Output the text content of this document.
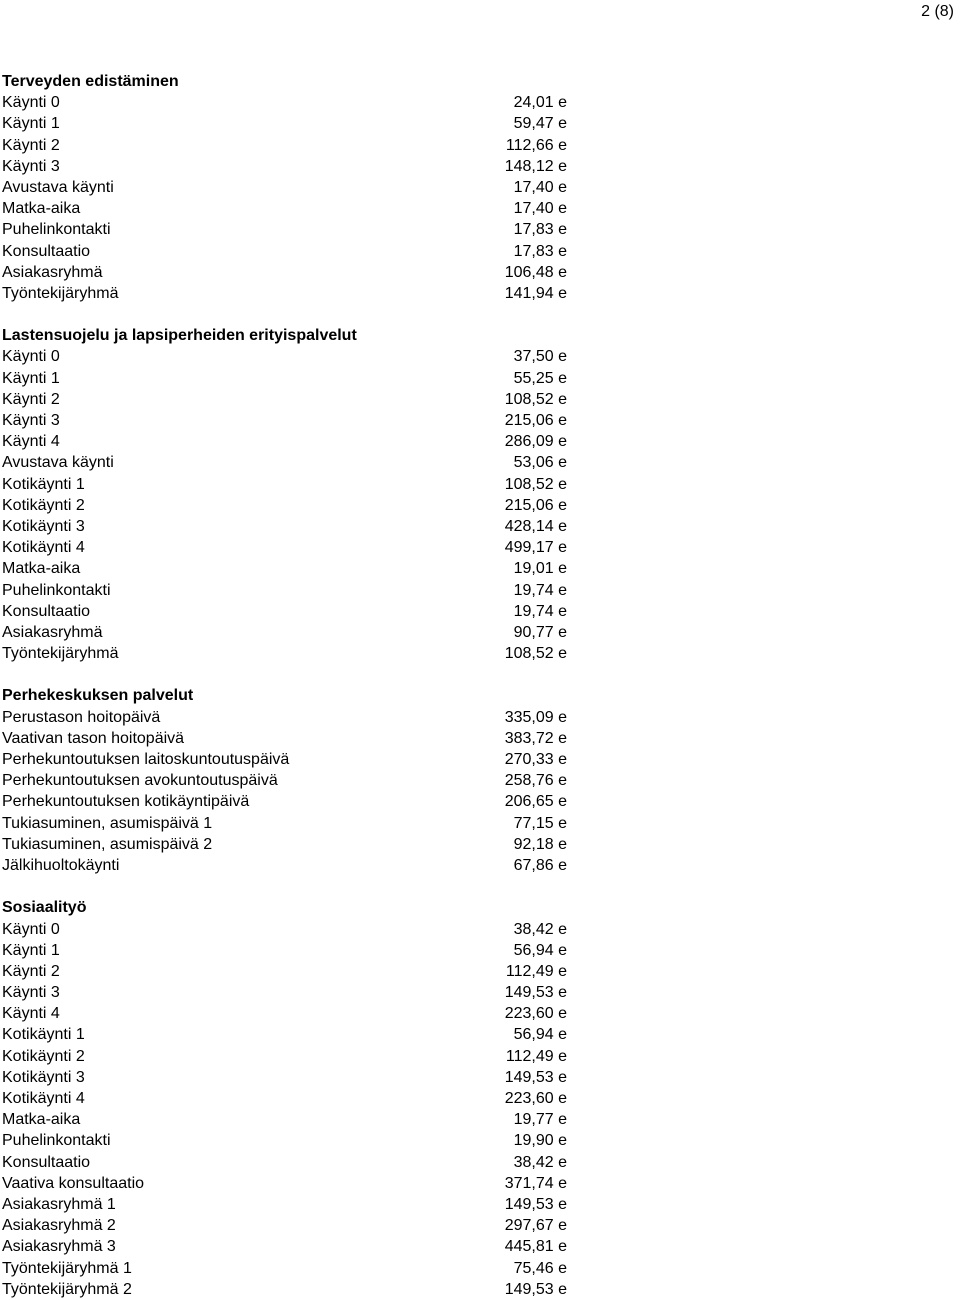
2 (8)
Terveyden edistäminen
Käynti 0	24,01 e
Käynti 1	59,47 e
Käynti 2	112,66 e
Käynti 3	148,12 e
Avustava käynti	17,40 e
Matka-aika	17,40 e
Puhelinkontakti	17,83 e
Konsultaatio	17,83 e
Asiakasryhmä	106,48 e
Työntekijäryhmä	141,94 e
Lastensuojelu ja lapsiperheiden erityispalvelut
Käynti 0	37,50 e
Käynti 1	55,25 e
Käynti 2	108,52 e
Käynti 3	215,06 e
Käynti 4	286,09 e
Avustava käynti	53,06 e
Kotikäynti 1	108,52 e
Kotikäynti 2	215,06 e
Kotikäynti 3	428,14 e
Kotikäynti 4	499,17 e
Matka-aika	19,01 e
Puhelinkontakti	19,74 e
Konsultaatio	19,74 e
Asiakasryhmä	90,77 e
Työntekijäryhmä	108,52 e
Perhekeskuksen palvelut
Perustason hoitopäivä	335,09 e
Vaativan tason hoitopäivä	383,72 e
Perhekuntoutuksen laitoskuntoutuspäivä	270,33 e
Perhekuntoutuksen avokuntoutuspäivä	258,76 e
Perhekuntoutuksen kotikäyntipäivä	206,65 e
Tukiasuminen, asumispäivä 1	77,15 e
Tukiasuminen, asumispäivä 2	92,18 e
Jälkihuoltokäynti	67,86 e
Sosiaalityö
Käynti 0	38,42 e
Käynti 1	56,94 e
Käynti 2	112,49 e
Käynti 3	149,53 e
Käynti 4	223,60 e
Kotikäynti 1	56,94 e
Kotikäynti 2	112,49 e
Kotikäynti 3	149,53 e
Kotikäynti 4	223,60 e
Matka-aika	19,77 e
Puhelinkontakti	19,90 e
Konsultaatio	38,42 e
Vaativa konsultaatio	371,74 e
Asiakasryhmä 1	149,53 e
Asiakasryhmä 2	297,67 e
Asiakasryhmä 3	445,81 e
Työntekijäryhmä 1	75,46 e
Työntekijäryhmä 2	149,53 e
